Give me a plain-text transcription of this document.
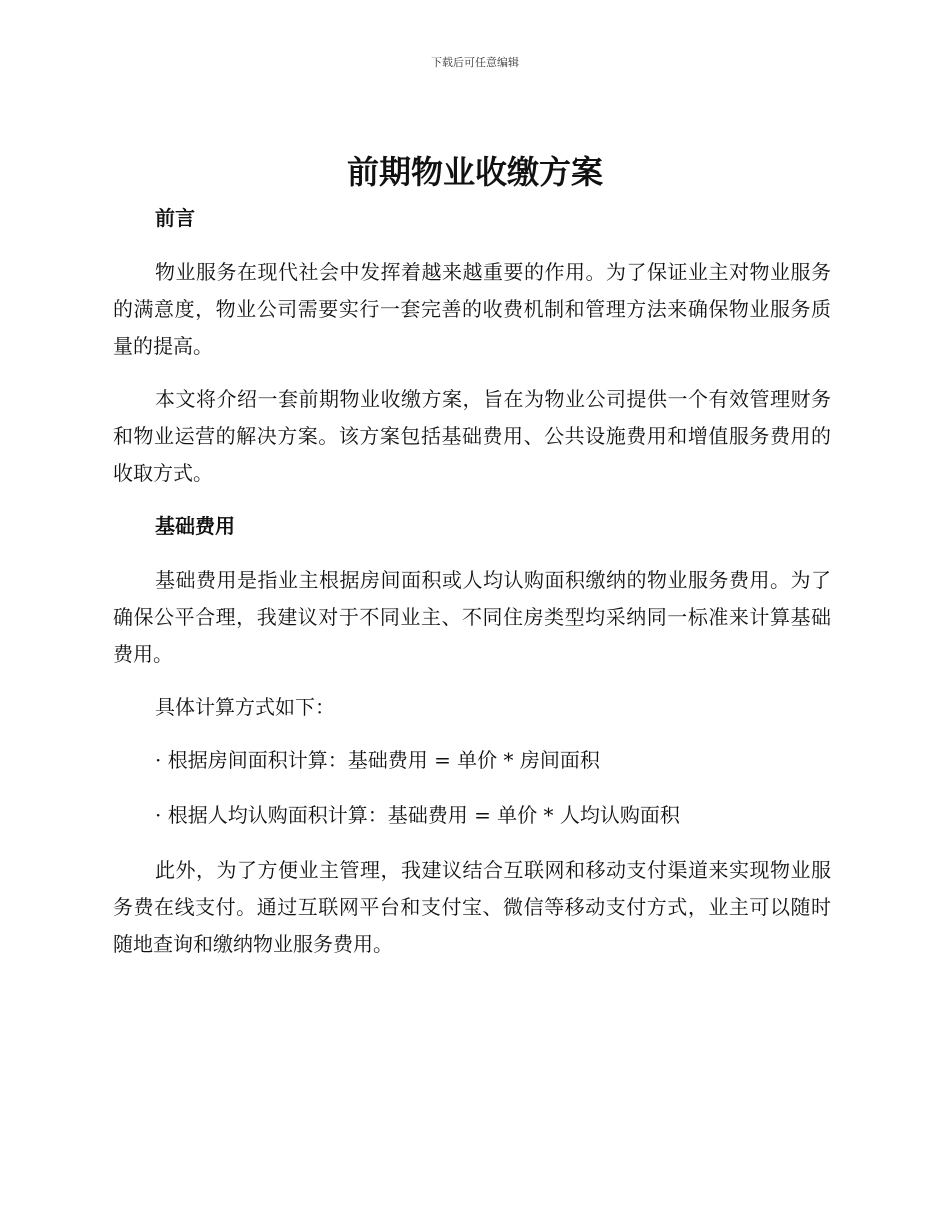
下载后可任意编辑
前期物业收缴方案
前言

物业服务在现代社会中发挥着越来越重要的作用。为了保证业主对物业服务的满意度，物业公司需要实行一套完善的收费机制和管理方法来确保物业服务质量的提高。

本文将介绍一套前期物业收缴方案，旨在为物业公司提供一个有效管理财务和物业运营的解决方案。该方案包括基础费用、公共设施费用和增值服务费用的收取方式。

基础费用

基础费用是指业主根据房间面积或人均认购面积缴纳的物业服务费用。为了确保公平合理，我建议对于不同业主、不同住房类型均采纳同一标准来计算基础费用。

具体计算方式如下：

· 根据房间面积计算：基础费用 = 单价 * 房间面积
· 根据人均认购面积计算：基础费用 = 单价 * 人均认购面积

此外，为了方便业主管理，我建议结合互联网和移动支付渠道来实现物业服务费在线支付。通过互联网平台和支付宝、微信等移动支付方式，业主可以随时随地查询和缴纳物业服务费用。
